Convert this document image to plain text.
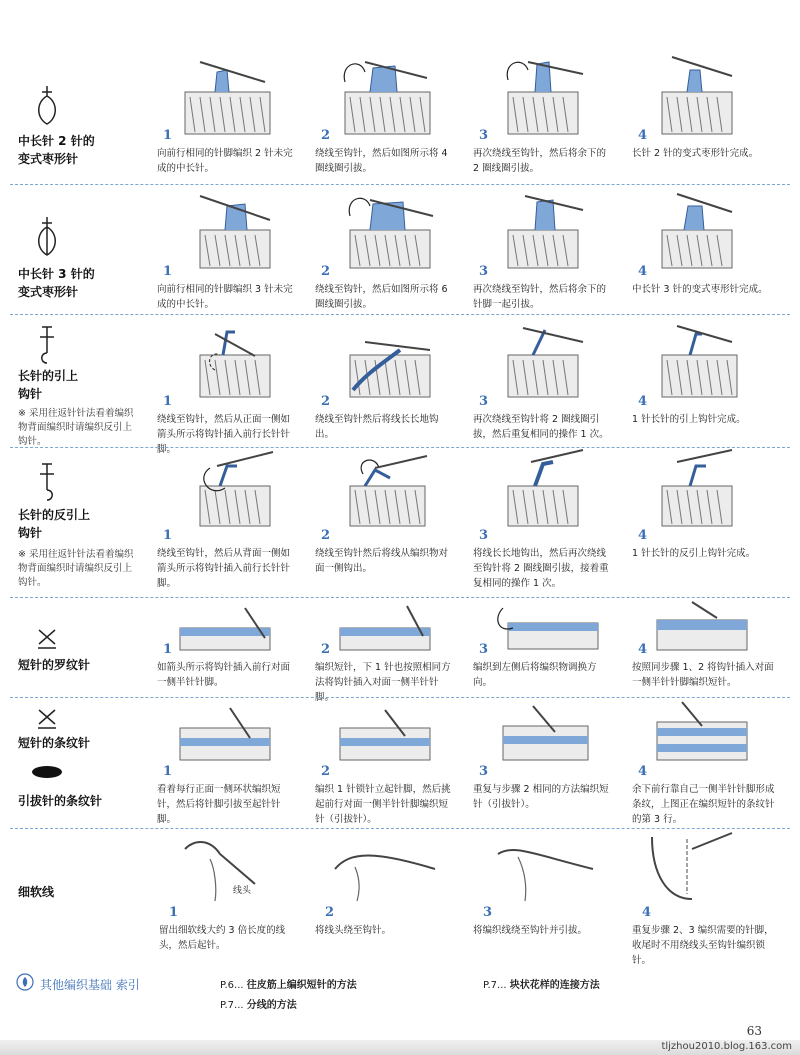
中长针 2 针的
变式枣形针
1
向前行相同的针脚编织 2 针未完成的中长针。
2
绕线至钩针，然后如图所示将 4 圈线圈引拔。
3
再次绕线至钩针，然后将余下的 2 圈线圈引拔。
4
长针 2 针的变式枣形针完成。
中长针 3 针的
变式枣形针
1
向前行相同的针脚编织 3 针未完成的中长针。
2
绕线至钩针，然后如图所示将 6 圈线圈引拔。
3
再次绕线至钩针，然后将余下的针脚一起引拔。
4
中长针 3 针的变式枣形针完成。
长针的引上
钩针
※ 采用往返针针法看着编织物背面编织时请编织反引上钩针。
1
绕线至钩针，然后从正面一侧如箭头所示将钩针插入前行长针针脚。
2
绕线至钩针然后将线长长地钩出。
3
再次绕线至钩针将 2 圈线圈引拔，然后重复相同的操作 1 次。
4
1 针长针的引上钩针完成。
长针的反引上
钩针
※ 采用往返针针法看着编织物背面编织时请编织反引上钩针。
1
绕线至钩针，然后从背面一侧如箭头所示将钩针插入前行长针针脚。
2
绕线至钩针然后将线从编织物对面一侧钩出。
3
将线长长地钩出，然后再次绕线至钩针将 2 圈线圈引拔，接着重复相同的操作 1 次。
4
1 针长针的反引上钩针完成。
短针的罗纹针
1
如箭头所示将钩针插入前行对面一侧半针针脚。
2
编织短针，下 1 针也按照相同方法将钩针插入对面一侧半针针脚。
3
编织到左侧后将编织物调换方向。
4
按照同步骤 1、2 将钩针插入对面一侧半针针脚编织短针。
短针的条纹针
引拔针的条纹针
1
看着每行正面一侧环状编织短针，然后将针脚引拔至起针针脚。
2
编织 1 针锁针立起针脚，然后挑起前行对面一侧半针针脚编织短针（引拔针）。
3
重复与步骤 2 相同的方法编织短针（引拔针）。
4
余下前行靠自己一侧半针针脚形成条纹，上图正在编织短针的条纹针的第 3 行。
细软线	线头
1
留出细软线大约 3 倍长度的线头，然后起针。
2
将线头绕至钩针。
3
将编织线绕至钩针并引拔。
4
重复步骤 2、3 编织需要的针脚，收尾时不用绕线头至钩针编织锁针。
其他编织基础 索引	P.6... 往皮筋上编织短针的方法
P.7... 分线的方法
P.7... 块状花样的连接方法
63
tljzhou2010.blog.163.com
